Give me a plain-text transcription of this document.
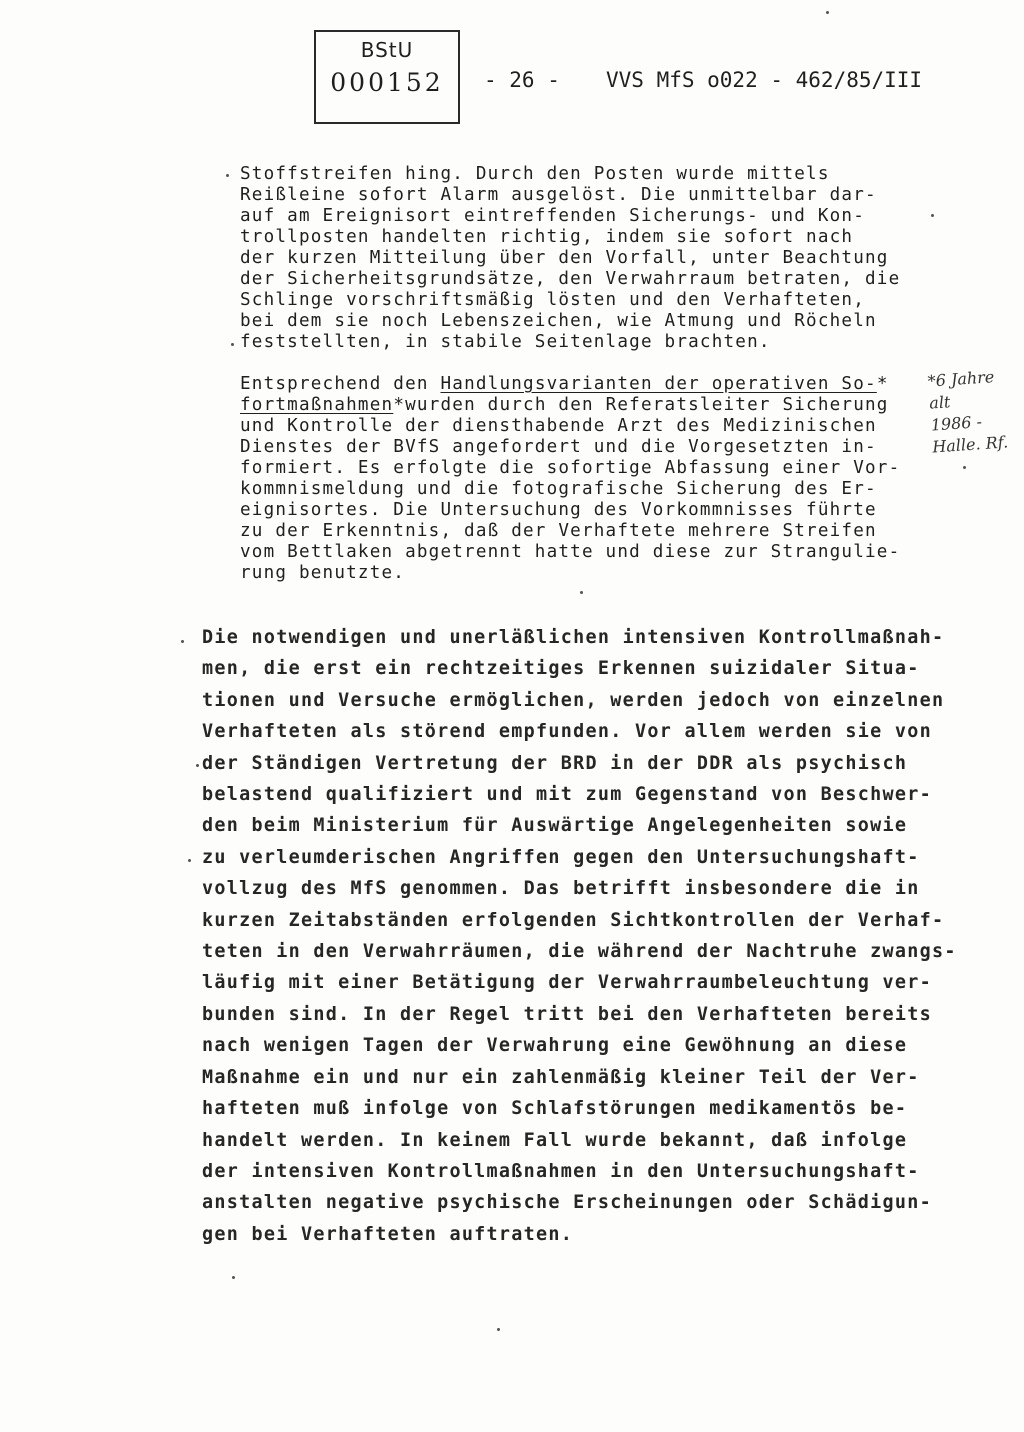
BStU
000152	- 26 - VVS MfS o022 - 462/85/III
Stoffstreifen hing. Durch den Posten wurde mittels
Reißleine sofort Alarm ausgelöst. Die unmittelbar dar-
auf am Ereignisort eintreffenden Sicherungs- und Kon-
trollposten handelten richtig, indem sie sofort nach
der kurzen Mitteilung über den Vorfall, unter Beachtung
der Sicherheitsgrundsätze, den Verwahrraum betraten, die
Schlinge vorschriftsmäßig lösten und den Verhafteten,
bei dem sie noch Lebenszeichen, wie Atmung und Röcheln
feststellten, in stabile Seitenlage brachten.
Entsprechend den Handlungsvarianten der operativen So-*
fortmaßnahmen*wurden durch den Referatsleiter Sicherung
und Kontrolle der diensthabende Arzt des Medizinischen
Dienstes der BVfS angefordert und die Vorgesetzten in-
formiert. Es erfolgte die sofortige Abfassung einer Vor-
kommnismeldung und die fotografische Sicherung des Er-
eignisortes. Die Untersuchung des Vorkommnisses führte
zu der Erkenntnis, daß der Verhaftete mehrere Streifen
vom Bettlaken abgetrennt hatte und diese zur Strangulie-
rung benutzte.
*6 Jahre
alt
1986 -
Halle. Rf.
Die notwendigen und unerläßlichen intensiven Kontrollmaßnah-
men, die erst ein rechtzeitiges Erkennen suizidaler Situa-
tionen und Versuche ermöglichen, werden jedoch von einzelnen
Verhafteten als störend empfunden. Vor allem werden sie von
der Ständigen Vertretung der BRD in der DDR als psychisch
belastend qualifiziert und mit zum Gegenstand von Beschwer-
den beim Ministerium für Auswärtige Angelegenheiten sowie
zu verleumderischen Angriffen gegen den Untersuchungshaft-
vollzug des MfS genommen. Das betrifft insbesondere die in
kurzen Zeitabständen erfolgenden Sichtkontrollen der Verhaf-
teten in den Verwahrräumen, die während der Nachtruhe zwangs-
läufig mit einer Betätigung der Verwahrraumbeleuchtung ver-
bunden sind. In der Regel tritt bei den Verhafteten bereits
nach wenigen Tagen der Verwahrung eine Gewöhnung an diese
Maßnahme ein und nur ein zahlenmäßig kleiner Teil der Ver-
hafteten muß infolge von Schlafstörungen medikamentös be-
handelt werden. In keinem Fall wurde bekannt, daß infolge
der intensiven Kontrollmaßnahmen in den Untersuchungshaft-
anstalten negative psychische Erscheinungen oder Schädigun-
gen bei Verhafteten auftraten.
